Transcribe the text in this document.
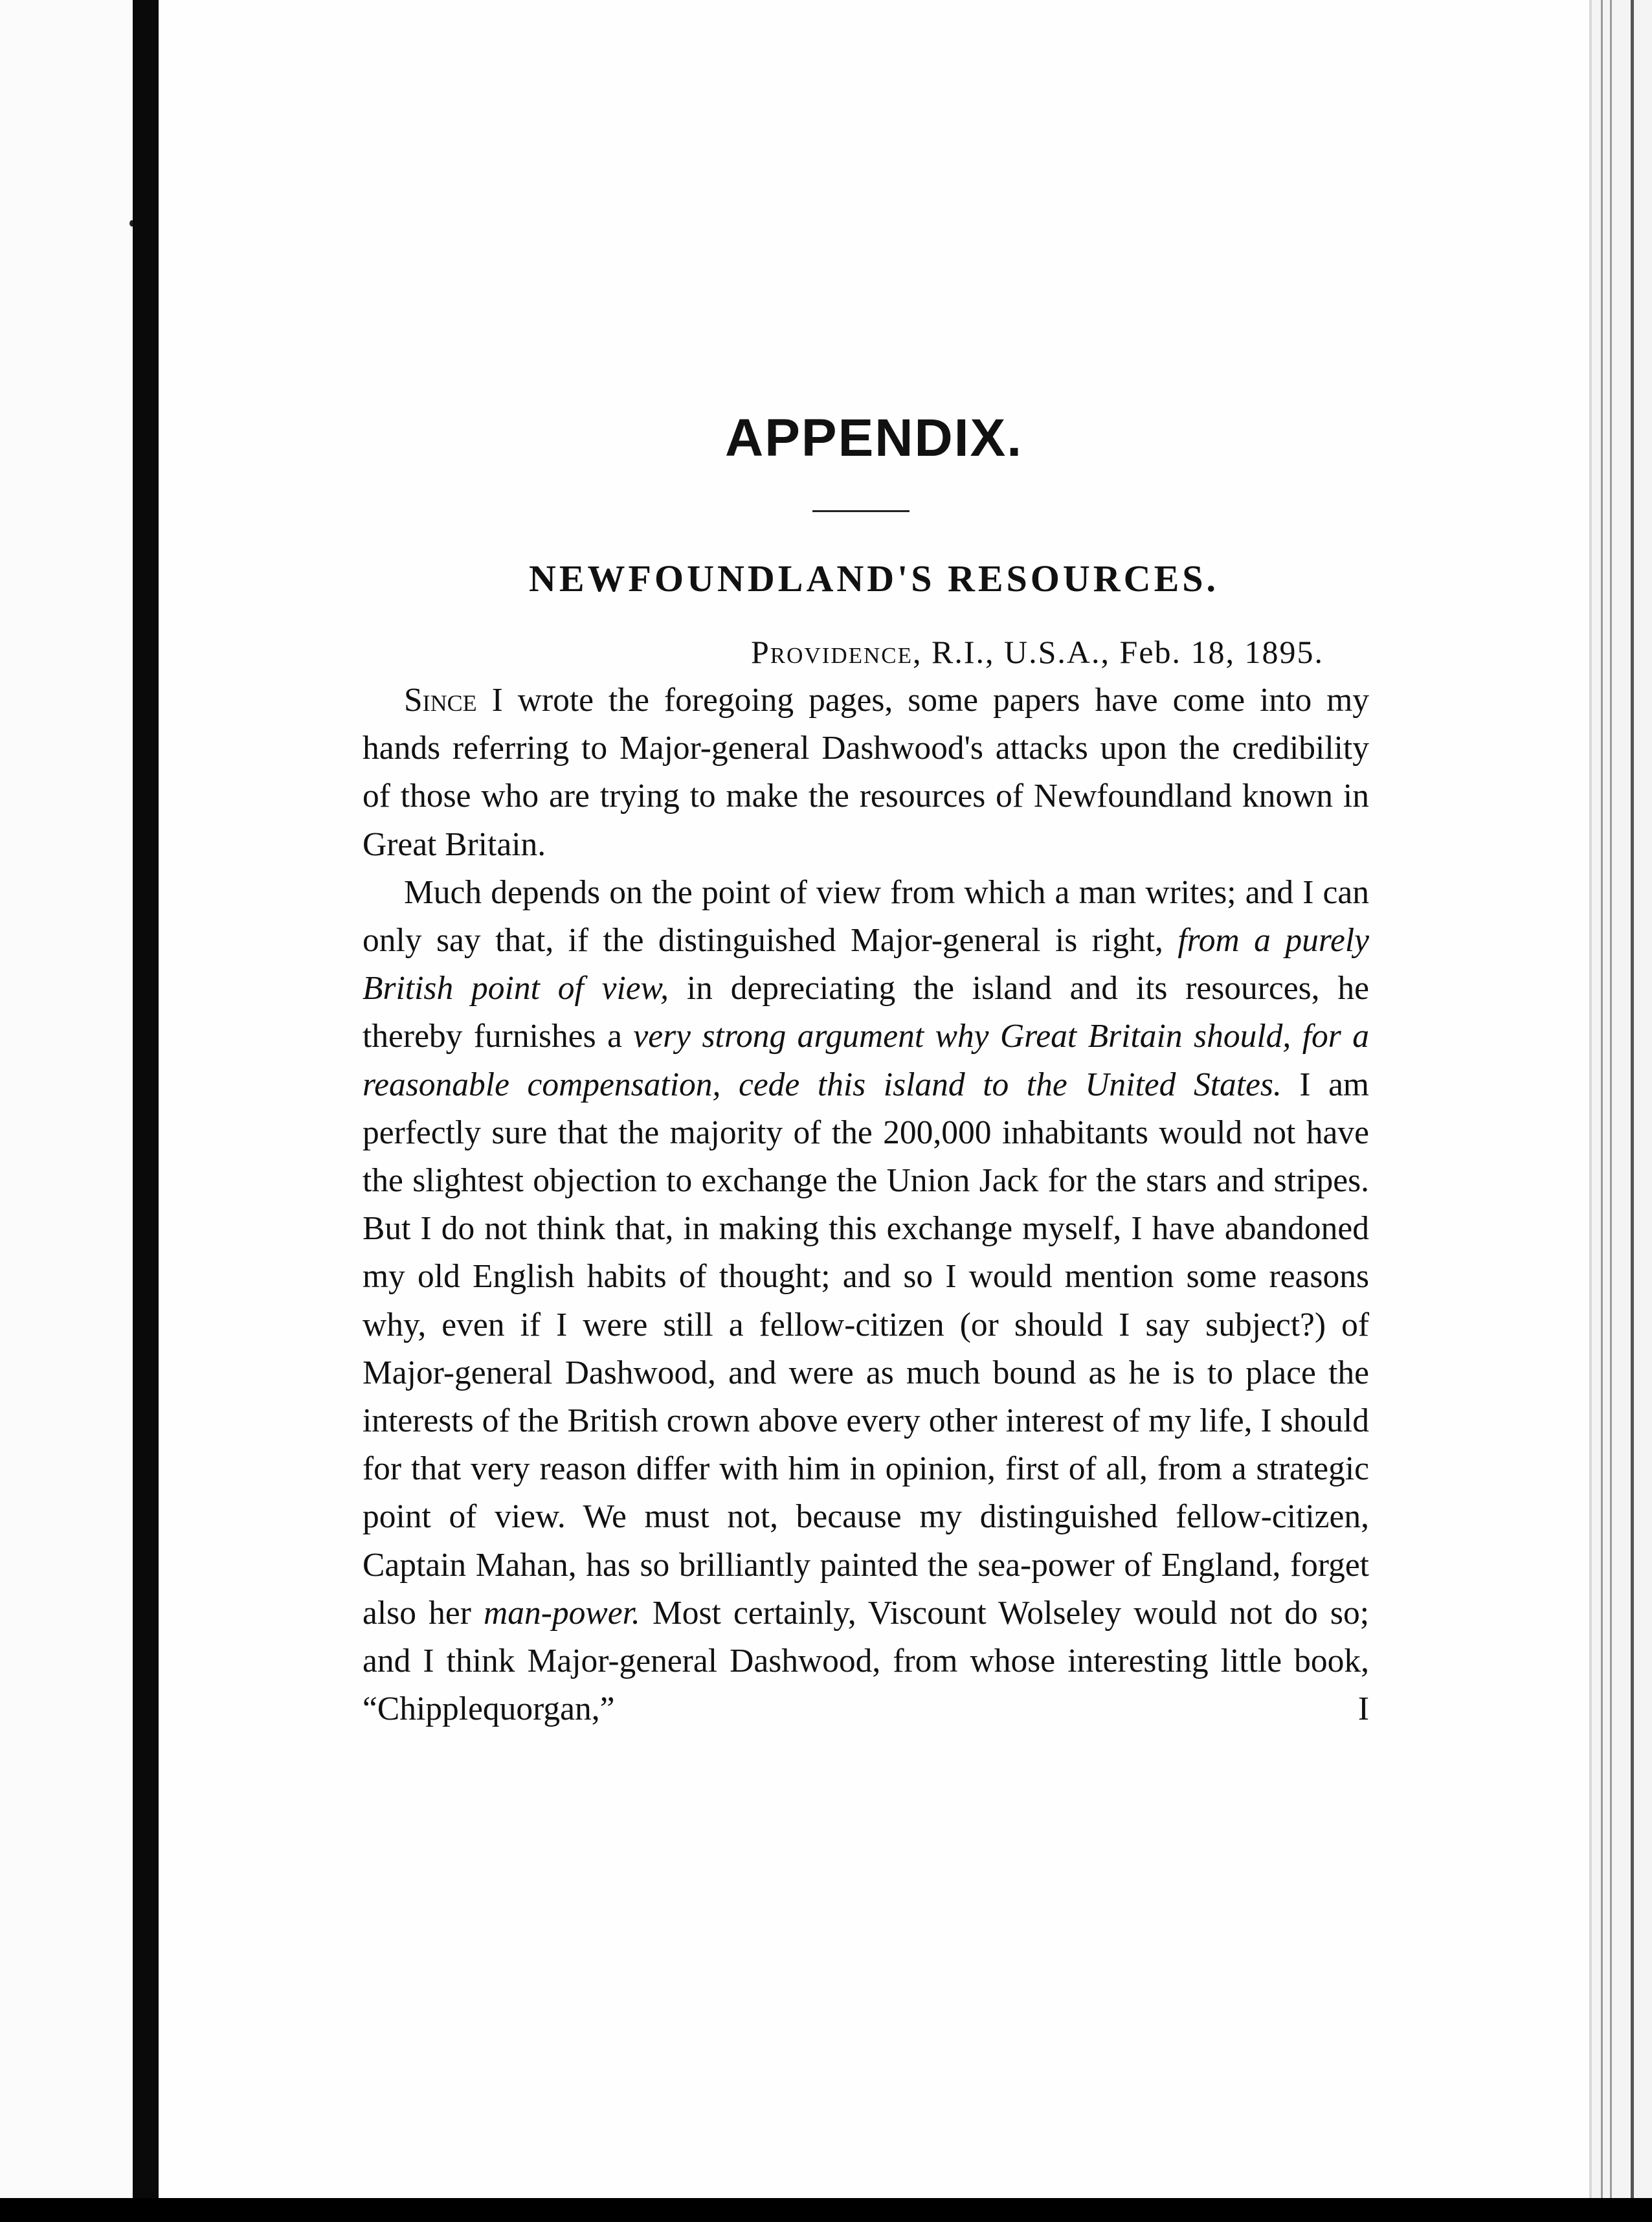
APPENDIX.
NEWFOUNDLAND'S RESOURCES.
Providence, R.I., U.S.A., Feb. 18, 1895.

Since I wrote the foregoing pages, some papers have come into my hands referring to Major-general Dashwood's attacks upon the credibility of those who are trying to make the resources of Newfoundland known in Great Britain.

Much depends on the point of view from which a man writes; and I can only say that, if the distinguished Major-general is right, from a purely British point of view, in depreciating the island and its resources, he thereby furnishes a very strong argument why Great Britain should, for a reasonable compensation, cede this island to the United States. I am perfectly sure that the majority of the 200,000 inhabitants would not have the slightest objection to exchange the Union Jack for the stars and stripes. But I do not think that, in making this exchange myself, I have abandoned my old English habits of thought; and so I would mention some reasons why, even if I were still a fellow-citizen (or should I say subject?) of Major-general Dashwood, and were as much bound as he is to place the interests of the British crown above every other interest of my life, I should for that very reason differ with him in opinion, first of all, from a strategic point of view. We must not, because my distinguished fellow-citizen, Captain Mahan, has so brilliantly painted the sea-power of England, forget also her man-power. Most certainly, Viscount Wolseley would not do so; and I think Major-general Dashwood, from whose interesting little book, “Chipplequorgan,” I
